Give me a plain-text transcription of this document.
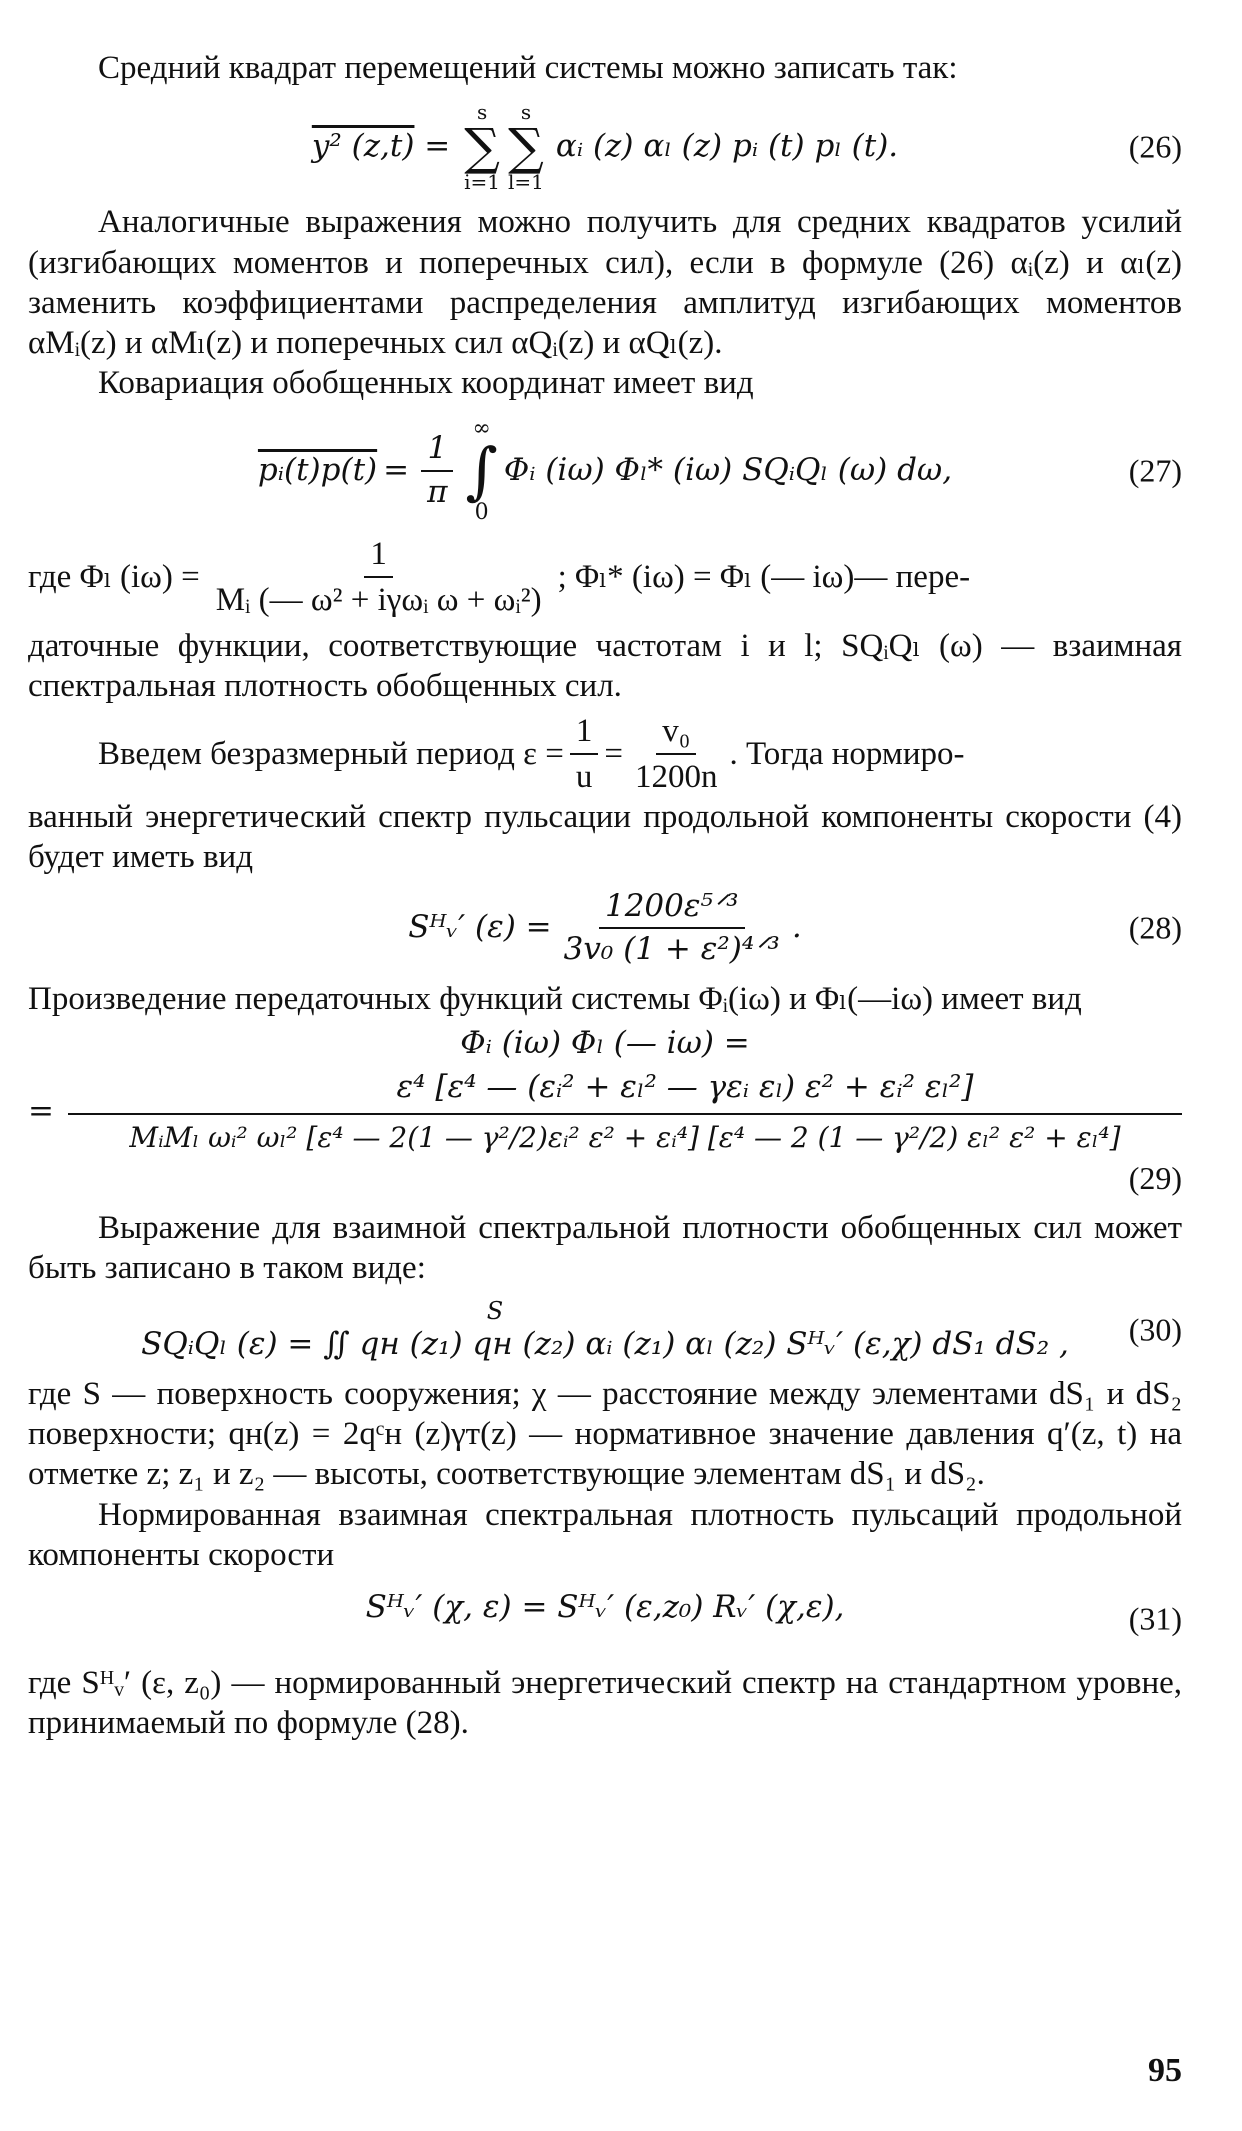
Средний квадрат перемещений системы можно записать так:

y² (z,t) =
s
∑
i=1
s
∑
l=1
αᵢ (z) αₗ (z) pᵢ (t) pₗ (t).	(26)

Аналогичные выражения можно получить для средних квадратов усилий (изгибающих моментов и поперечных сил), если в формуле (26) αᵢ(z) и αₗ(z) заменить коэффициентами распределения амплитуд изгибающих моментов αMᵢ(z) и αMₗ(z) и поперечных сил αQᵢ(z) и αQₗ(z).

Ковариация обобщенных координат имеет вид

pᵢ(t)p(t) = $\frac{1}{\pi}$
∞
∫
0
Φᵢ (iω) Φₗ* (iω) SQᵢQₗ (ω) dω,	(27)
где Φₗ $(i\omega) = \frac{1}{\text{Mᵢ (— ω² + iγωᵢ ω + ωᵢ²)}}$ ; Φₗ* (iω) = Φₗ (— iω)— пере-

даточные функции, соответствующие частотам i и l; SQᵢQₗ (ω) — взаимная спектральная плотность обобщенных сил.

Введем безразмерный период $\varepsilon = \frac{1}{u} = \frac{\text{v₀}}{1200n}$ . Тогда нормиро-

ванный энергетический спектр пульсации продольной компоненты скорости (4) будет иметь вид

Sᴴᵥ′ $(\varepsilon) = \frac{\text{1200ε⁵ᐟ³}}{\text{3v₀ (1 + ε²)⁴ᐟ³}}$ .	(28)

Произведение передаточных функций системы Φᵢ(iω) и Φₗ(—iω) имеет вид

Φᵢ (iω) Φₗ (— iω) =
=
ε⁴ [ε⁴ — (εᵢ² + εₗ² — γεᵢ εₗ) ε² + εᵢ² εₗ²]
MᵢMₗ ωᵢ² ωₗ² [ε⁴ — 2(1 — γ²/2)εᵢ² ε² + εᵢ⁴] [ε⁴ — 2 (1 — γ²/2) εₗ² ε² + εₗ⁴]
(29)

Выражение для взаимной спектральной плотности обобщенных сил может быть записано в таком виде:

S
SQᵢQₗ (ε) = ∬ qн (z₁) qн (z₂) αᵢ (z₁) αₗ (z₂) Sᴴᵥ′ (ε,χ) dS₁ dS₂ , (30)

где S — поверхность сооружения; χ — расстояние между элементами dS₁ и dS₂ поверхности; qн(z) = 2qᶜн (z)γт(z) — нормативное значение давления q′(z, t) на отметке z; z₁ и z₂ — высоты, соответствующие элементам dS₁ и dS₂.

Нормированная взаимная спектральная плотность пульсаций продольной компоненты скорости

Sᴴᵥ′ (χ, ε) = Sᴴᵥ′ (ε,z₀) Rᵥ′ (χ,ε),	(31)

где Sᴴᵥ′ (ε, z₀) — нормированный энергетический спектр на стандартном уровне, принимаемый по формуле (28).

95
